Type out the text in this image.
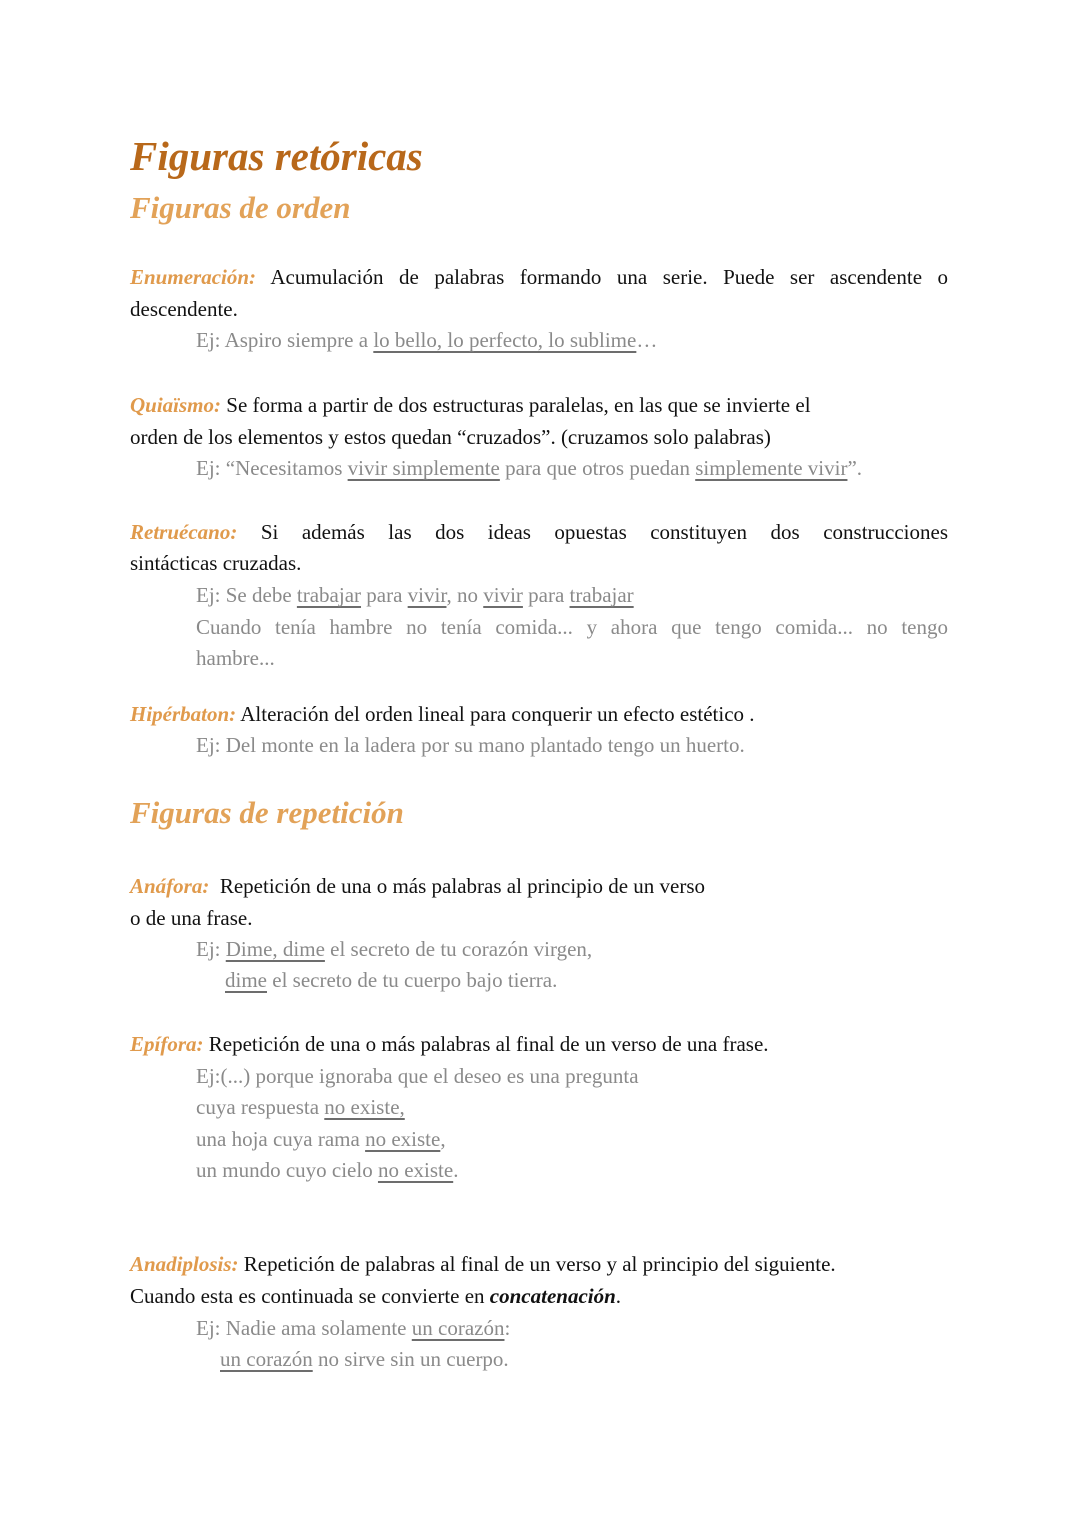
Figuras retóricas
Figuras de orden
Enumeración: Acumulación de palabras formando una serie. Puede ser ascendente o
descendente.
Ej: Aspiro siempre a lo bello, lo perfecto, lo sublime…
Quiaïsmo: Se forma a partir de dos estructuras paralelas, en las que se invierte el
orden de los elementos y estos quedan “cruzados”. (cruzamos solo palabras)
Ej: “Necesitamos vivir simplemente para que otros puedan simplemente vivir”.
Retruécano: Si además las dos ideas opuestas constituyen dos construcciones
sintácticas cruzadas.
Ej: Se debe trabajar para vivir, no vivir para trabajar
Cuando tenía hambre no tenía comida... y ahora que tengo comida... no tengo
hambre...
Hipérbaton: Alteración del orden lineal para conquerir un efecto estético .
Ej: Del monte en la ladera por su mano plantado tengo un huerto.
Figuras de repetición
Anáfora: Repetición de una o más palabras al principio de un verso
o de una frase.
Ej: Dime, dime el secreto de tu corazón virgen,
dime el secreto de tu cuerpo bajo tierra.
Epífora: Repetición de una o más palabras al final de un verso de una frase.
Ej:(...) porque ignoraba que el deseo es una pregunta
cuya respuesta no existe,
una hoja cuya rama no existe,
un mundo cuyo cielo no existe.
Anadiplosis: Repetición de palabras al final de un verso y al principio del siguiente.
Cuando esta es continuada se convierte en concatenación.
Ej: Nadie ama solamente un corazón:
un corazón no sirve sin un cuerpo.
